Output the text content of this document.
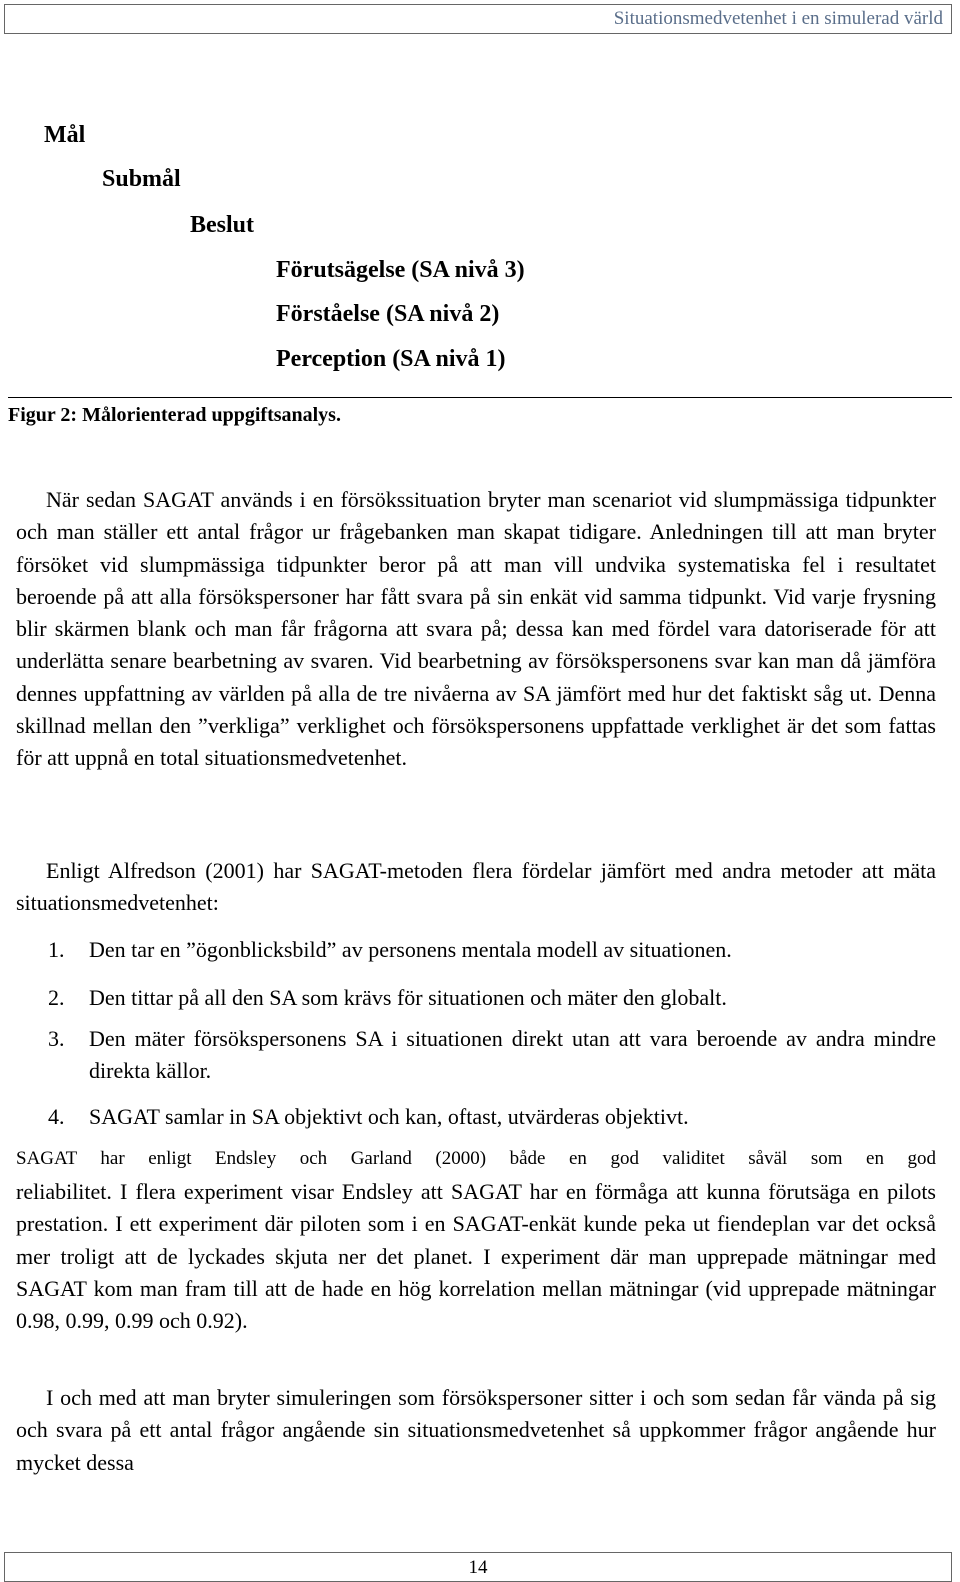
Situationsmedvetenhet i en simulerad värld
Mål
Submål
Beslut
Förutsägelse (SA nivå 3)
Förståelse (SA nivå 2)
Perception (SA nivå 1)
Figur 2: Målorienterad uppgiftsanalys.
När sedan SAGAT används i en försökssituation bryter man scenariot vid slumpmässiga tidpunkter och man ställer ett antal frågor ur frågebanken man skapat tidigare. Anledningen till att man bryter försöket vid slumpmässiga tidpunkter beror på att man vill undvika systematiska fel i resultatet beroende på att alla försökspersoner har fått svara på sin enkät vid samma tidpunkt. Vid varje frysning blir skärmen blank och man får frågorna att svara på; dessa kan med fördel vara datoriserade för att underlätta senare bearbetning av svaren. Vid bearbetning av försökspersonens svar kan man då jämföra dennes uppfattning av världen på alla de tre nivåerna av SA jämfört med hur det faktiskt såg ut. Denna skillnad mellan den ”verkliga” verklighet och försökspersonens uppfattade verklighet är det som fattas för att uppnå en total situationsmedvetenhet.
Enligt Alfredson (2001) har SAGAT-metoden flera fördelar jämfört med andra metoder att mäta situationsmedvetenhet:
1. Den tar en ”ögonblicksbild” av personens mentala modell av situationen.
2. Den tittar på all den SA som krävs för situationen och mäter den globalt.
3. Den mäter försökspersonens SA i situationen direkt utan att vara beroende av andra mindre direkta källor.
4. SAGAT samlar in SA objektivt och kan, oftast, utvärderas objektivt.
SAGAT har enligt Endsley och Garland (2000) både en god validitet såväl som en god
reliabilitet. I flera experiment visar Endsley att SAGAT har en förmåga att kunna förutsäga en pilots prestation. I ett experiment där piloten som i en SAGAT-enkät kunde peka ut fiendeplan var det också mer troligt att de lyckades skjuta ner det planet. I experiment där man upprepade mätningar med SAGAT kom man fram till att de hade en hög korrelation mellan mätningar (vid upprepade mätningar 0.98, 0.99, 0.99 och 0.92).
I och med att man bryter simuleringen som försökspersoner sitter i och som sedan får vända på sig och svara på ett antal frågor angående sin situationsmedvetenhet så uppkommer frågor angående hur mycket dessa
14
